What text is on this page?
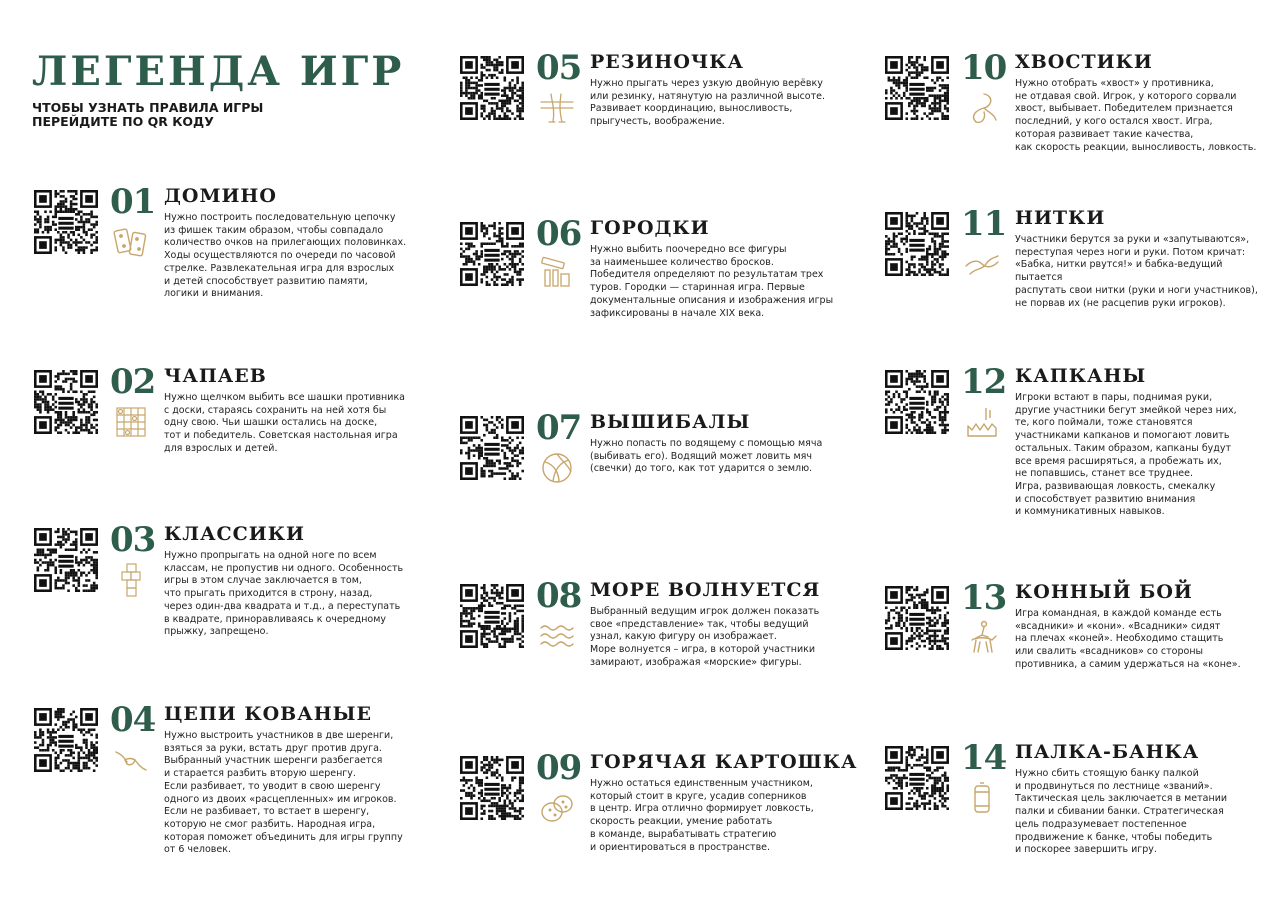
ЛЕГЕНДА ИГР
ЧТОБЫ УЗНАТЬ ПРАВИЛА ИГРЫ
ПЕРЕЙДИТЕ ПО QR КОДУ
01 ДОМИНО
Нужно построить последовательную цепочку
из фишек таким образом, чтобы совпадало
количество очков на прилегающих половинках.
Ходы осуществляются по очереди по часовой
стрелке. Развлекательная игра для взрослых
и детей способствует развитию памяти,
логики и внимания.
02 ЧАПАЕВ
Нужно щелчком выбить все шашки противника
с доски, стараясь сохранить на ней хотя бы
одну свою. Чьи шашки остались на доске,
тот и победитель. Советская настольная игра
для взрослых и детей.
03 КЛАССИКИ
Нужно пропрыгать на одной ноге по всем
классам, не пропустив ни одного. Особенность
игры в этом случае заключается в том,
что прыгать приходится в строну, назад,
через один-два квадрата и т.д., а переступать
в квадрате, приноравливаясь к очередному
прыжку, запрещено.
04 ЦЕПИ КОВАНЫЕ
Нужно выстроить участников в две шеренги,
взяться за руки, встать друг против друга.
Выбранный участник шеренги разбегается
и старается разбить вторую шеренгу.
Если разбивает, то уводит в свою шеренгу
одного из двоих «расцепленных» им игроков.
Если не разбивает, то встает в шеренгу,
которую не смог разбить. Народная игра,
которая поможет объединить для игры группу
от 6 человек.
05 РЕЗИНОЧКА
Нужно прыгать через узкую двойную верёвку
или резинку, натянутую на различной высоте.
Развивает координацию, выносливость,
прыгучесть, воображение.
06 ГОРОДКИ
Нужно выбить поочередно все фигуры
за наименьшее количество бросков.
Победителя определяют по результатам трех
туров. Городки — старинная игра. Первые
документальные описания и изображения игры
зафиксированы в начале XIX века.
07 ВЫШИБАЛЫ
Нужно попасть по водящему с помощью мяча
(выбивать его). Водящий может ловить мяч
(свечки) до того, как тот ударится о землю.
08 МОРЕ ВОЛНУЕТСЯ
Выбранный ведущим игрок должен показать
свое «представление» так, чтобы ведущий
узнал, какую фигуру он изображает.
Море волнуется – игра, в которой участники
замирают, изображая «морские» фигуры.
09 ГОРЯЧАЯ КАРТОШКА
Нужно остаться единственным участником,
который стоит в круге, усадив соперников
в центр. Игра отлично формирует ловкость,
скорость реакции, умение работать
в команде, вырабатывать стратегию
и ориентироваться в пространстве.
10 ХВОСТИКИ
Нужно отобрать «хвост» у противника,
не отдавая свой. Игрок, у которого сорвали
хвост, выбывает. Победителем признается
последний, у кого остался хвост. Игра,
которая развивает такие качества,
как скорость реакции, выносливость, ловкость.
11 НИТКИ
Участники берутся за руки и «запутываются»,
переступая через ноги и руки. Потом кричат:
«Бабка, нитки рвутся!» и бабка-ведущий пытается
распутать свои нитки (руки и ноги участников),
не порвав их (не расцепив руки игроков).
12 КАПКАНЫ
Игроки встают в пары, поднимая руки,
другие участники бегут змейкой через них,
те, кого поймали, тоже становятся
участниками капканов и помогают ловить
остальных. Таким образом, капканы будут
все время расширяться, а пробежать их,
не попавшись, станет все труднее.
Игра, развивающая ловкость, смекалку
и способствует развитию внимания
и коммуникативных навыков.
13 КОННЫЙ БОЙ
Игра командная, в каждой команде есть
«всадники» и «кони». «Всадники» сидят
на плечах «коней». Необходимо стащить
или свалить «всадников» со стороны
противника, а самим удержаться на «коне».
14 ПАЛКА-БАНКА
Нужно сбить стоящую банку палкой
и продвинуться по лестнице «званий».
Тактическая цель заключается в метании
палки и сбивании банки. Стратегическая
цель подразумевает постепенное
продвижение к банке, чтобы победить
и поскорее завершить игру.
